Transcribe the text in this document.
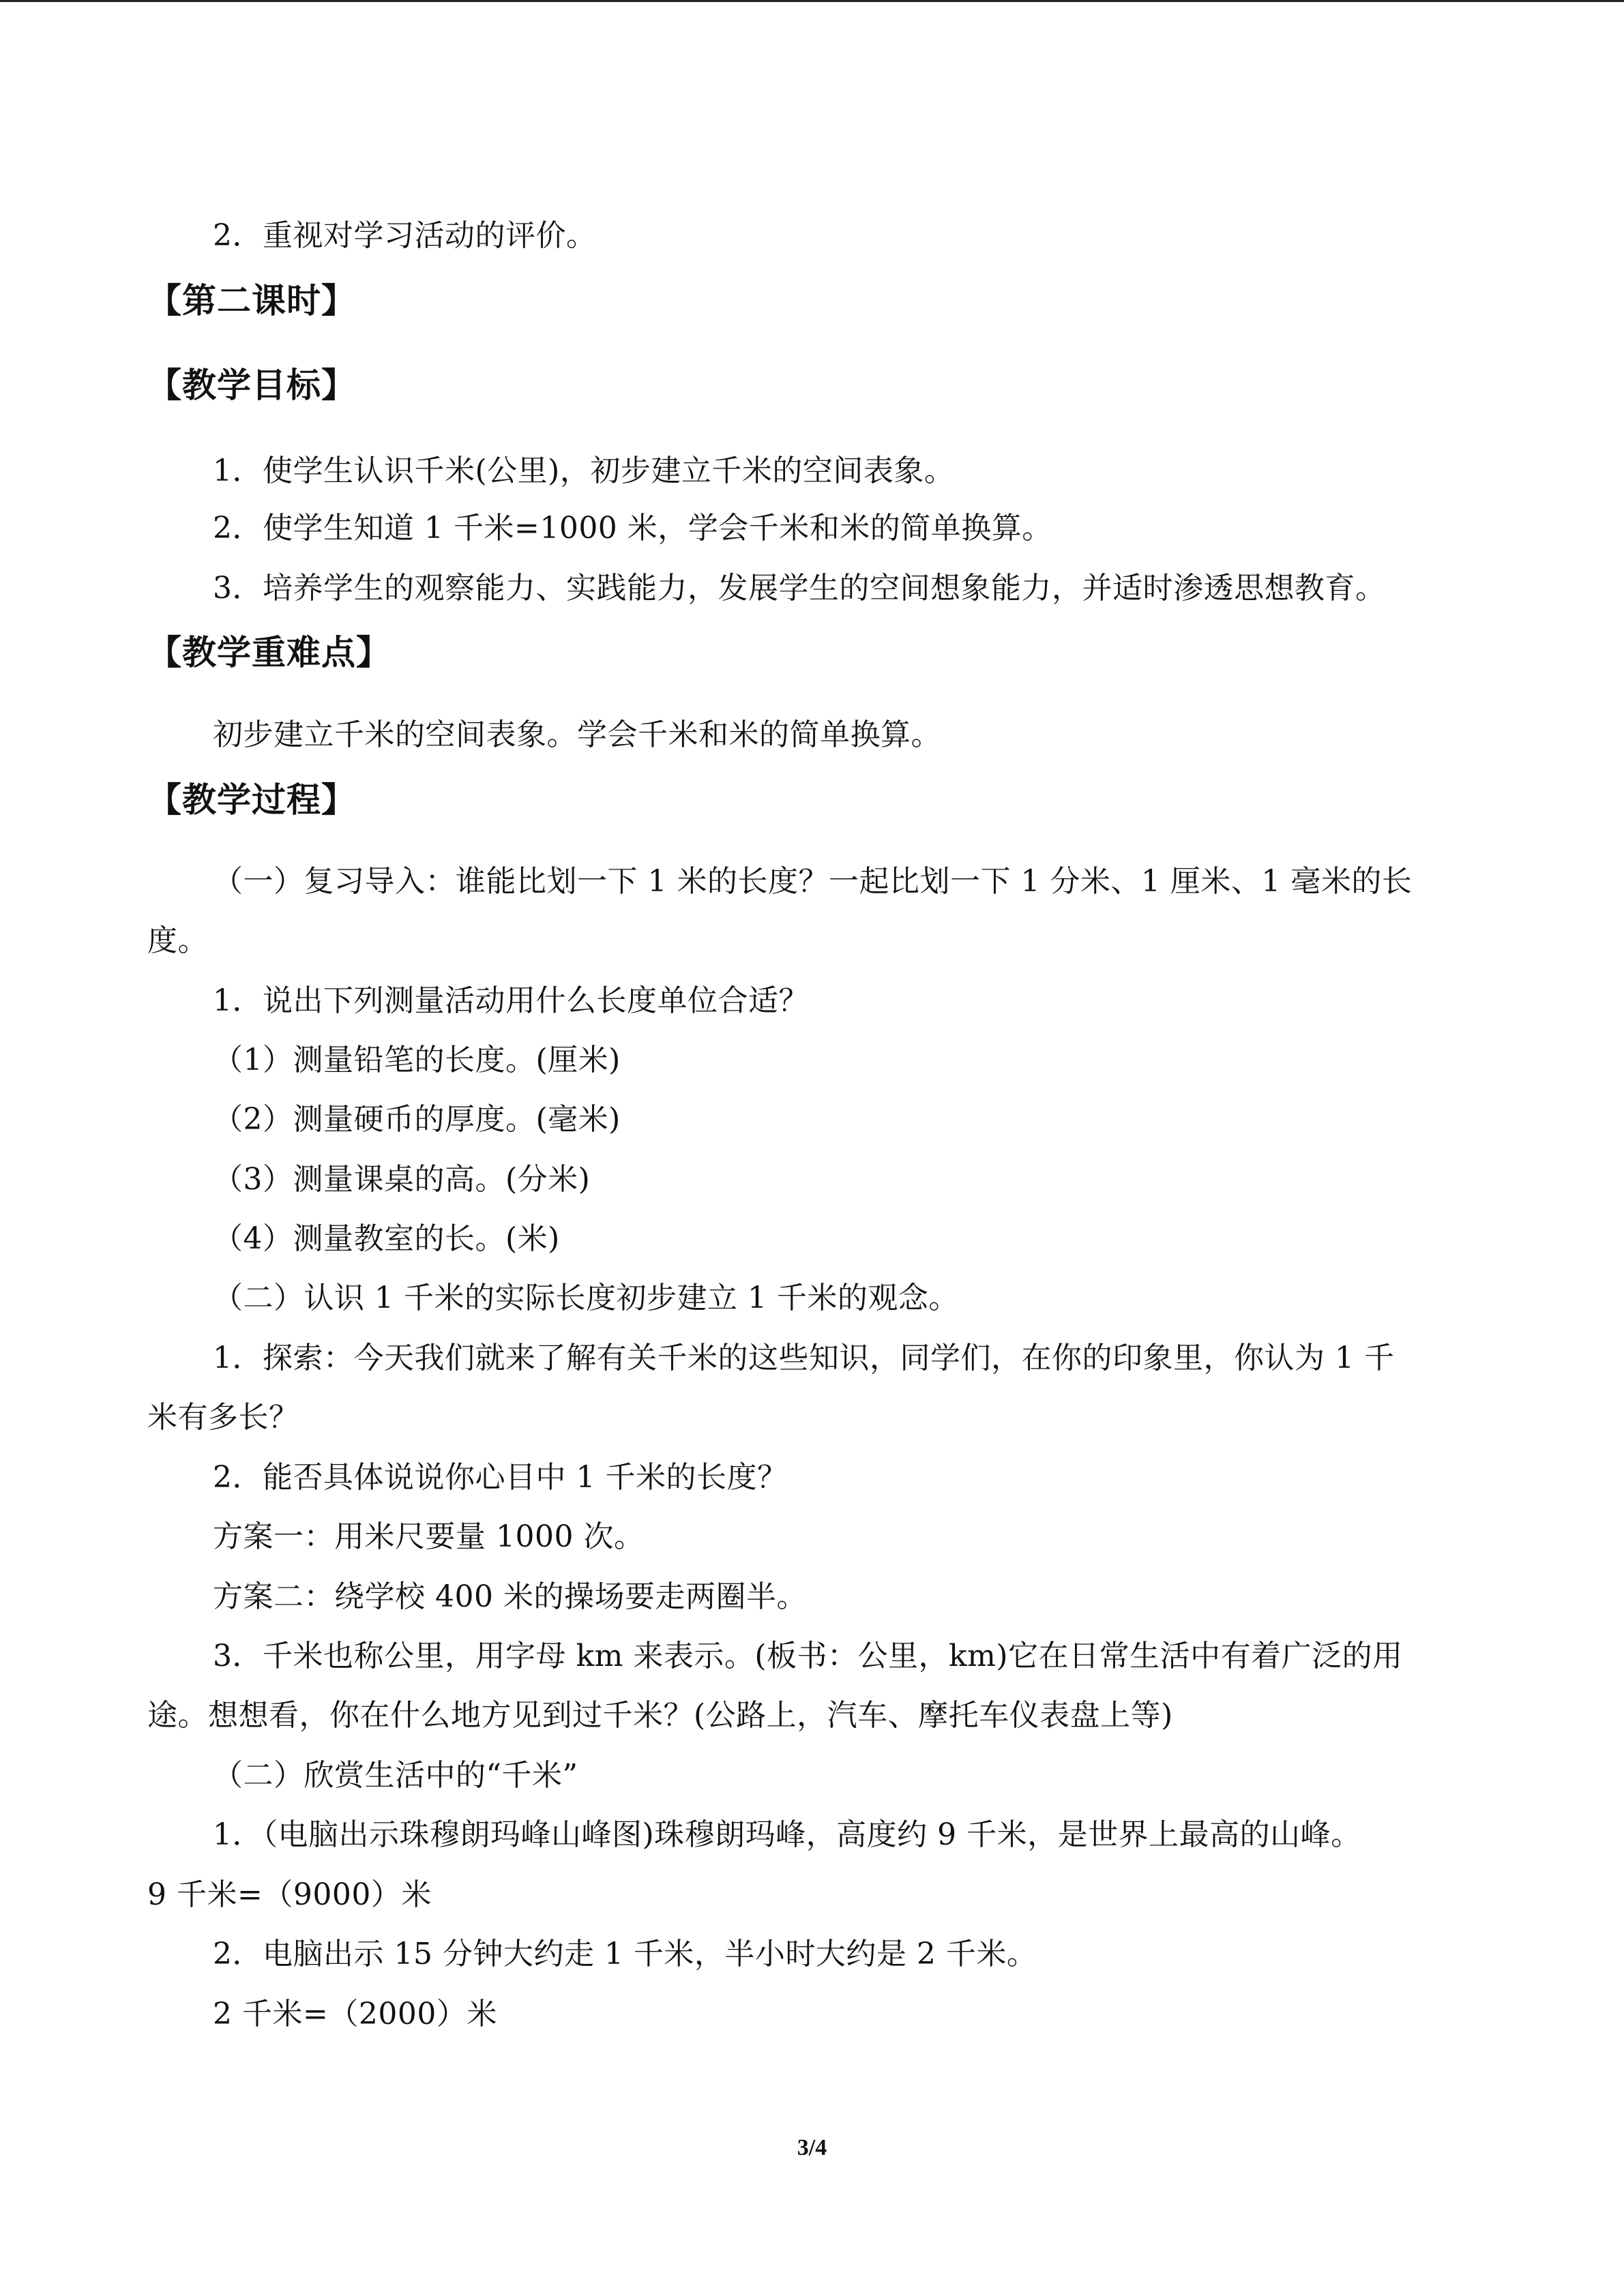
2．重视对学习活动的评价。
【第二课时】
【教学目标】
1．使学生认识千米(公里)，初步建立千米的空间表象。
2．使学生知道 1 千米=1000 米，学会千米和米的简单换算。
3．培养学生的观察能力、实践能力，发展学生的空间想象能力，并适时渗透思想教育。
【教学重难点】
初步建立千米的空间表象。学会千米和米的简单换算。
【教学过程】
（一）复习导入：谁能比划一下 1 米的长度？一起比划一下 1 分米、1 厘米、1 毫米的长
度。
1．说出下列测量活动用什么长度单位合适？
（1）测量铅笔的长度。(厘米)
（2）测量硬币的厚度。(毫米)
（3）测量课桌的高。(分米)
（4）测量教室的长。(米)
（二）认识 1 千米的实际长度初步建立 1 千米的观念。
1．探索：今天我们就来了解有关千米的这些知识，同学们，在你的印象里，你认为 1 千
米有多长？
2．能否具体说说你心目中 1 千米的长度？
方案一：用米尺要量 1000 次。
方案二：绕学校 400 米的操场要走两圈半。
3．千米也称公里，用字母 km 来表示。(板书：公里，km)它在日常生活中有着广泛的用
途。想想看，你在什么地方见到过千米？(公路上，汽车、摩托车仪表盘上等)
（二）欣赏生活中的“千米”
1．（电脑出示珠穆朗玛峰山峰图)珠穆朗玛峰，高度约 9 千米，是世界上最高的山峰。
9 千米=（9000）米
2．电脑出示 15 分钟大约走 1 千米，半小时大约是 2 千米。
2 千米=（2000）米
3/4
